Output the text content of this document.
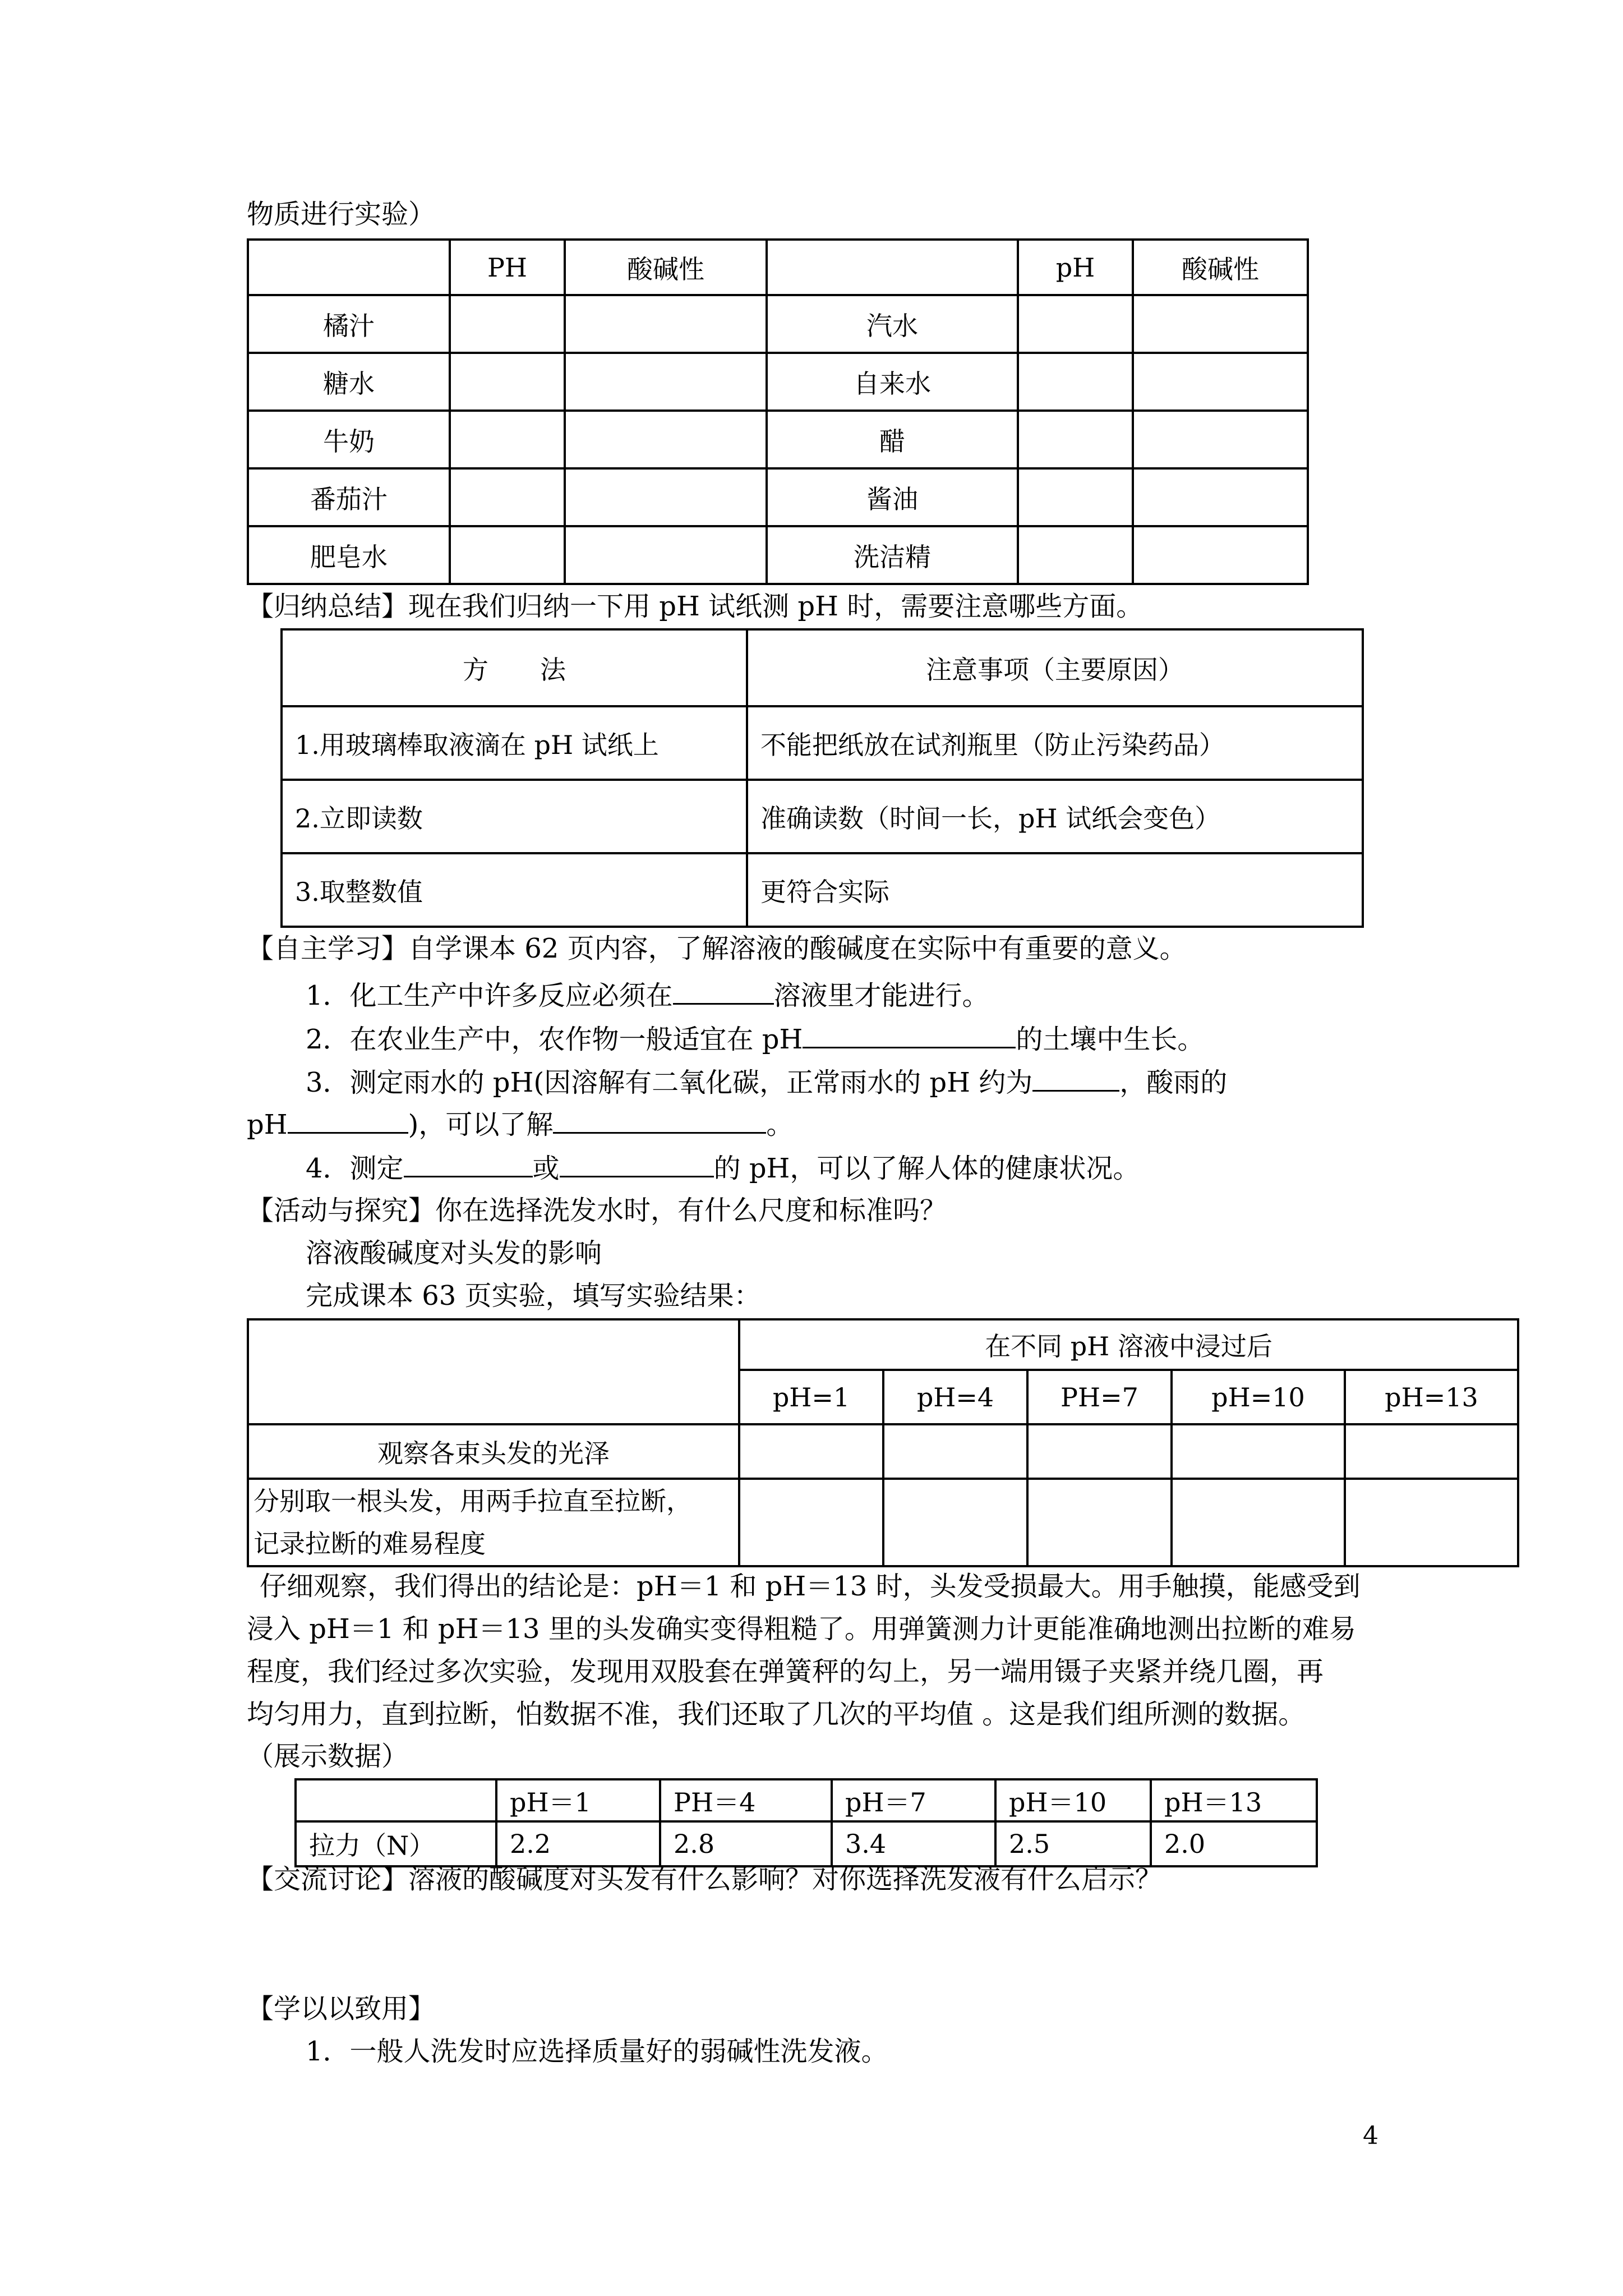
物质进行实验）
	PH	酸碱性		pH	酸碱性
橘汁			汽水		
糖水			自来水		
牛奶			醋		
番茄汁			酱油		
肥皂水			洗洁精		
【归纳总结】现在我们归纳一下用 pH 试纸测 pH 时，需要注意哪些方面。
方　　法	注意事项（主要原因）
1.用玻璃棒取液滴在 pH 试纸上	不能把纸放在试剂瓶里（防止污染药品）
2.立即读数	准确读数（时间一长，pH 试纸会变色）
3.取整数值	更符合实际
【自主学习】自学课本 62 页内容，了解溶液的酸碱度在实际中有重要的意义。
1．化工生产中许多反应必须在	溶液里才能进行。
2．在农业生产中，农作物一般适宜在 pH	的土壤中生长。
3．测定雨水的 pH(因溶解有二氧化碳，正常雨水的 pH 约为	，酸雨的
pH	)，可以了解	。
4．测定	或	的 pH，可以了解人体的健康状况。
【活动与探究】你在选择洗发水时，有什么尺度和标准吗？
溶液酸碱度对头发的影响
完成课本 63 页实验，填写实验结果：
	在不同 pH 溶液中浸过后				
	pH=1	pH=4	PH=7	pH=10	pH=13
观察各束头发的光泽					

分别取一根头发，用两手拉直至拉断，
记录拉断的难易程度					

仔细观察，我们得出的结论是：pH＝1 和 pH＝13 时，头发受损最大。用手触摸，能感受到
浸入 pH＝1 和 pH＝13 里的头发确实变得粗糙了。用弹簧测力计更能准确地测出拉断的难易
程度，我们经过多次实验，发现用双股套在弹簧秤的勾上，另一端用镊子夹紧并绕几圈，再
均匀用力，直到拉断，怕数据不准，我们还取了几次的平均值 。这是我们组所测的数据。
（展示数据）
	pH＝1	PH＝4	pH＝7	pH＝10	pH＝13
拉力（N）	2.2	2.8	3.4	2.5	2.0
【交流讨论】溶液的酸碱度对头发有什么影响？对你选择洗发液有什么启示？
【学以以致用】
1．一般人洗发时应选择质量好的弱碱性洗发液。
4
